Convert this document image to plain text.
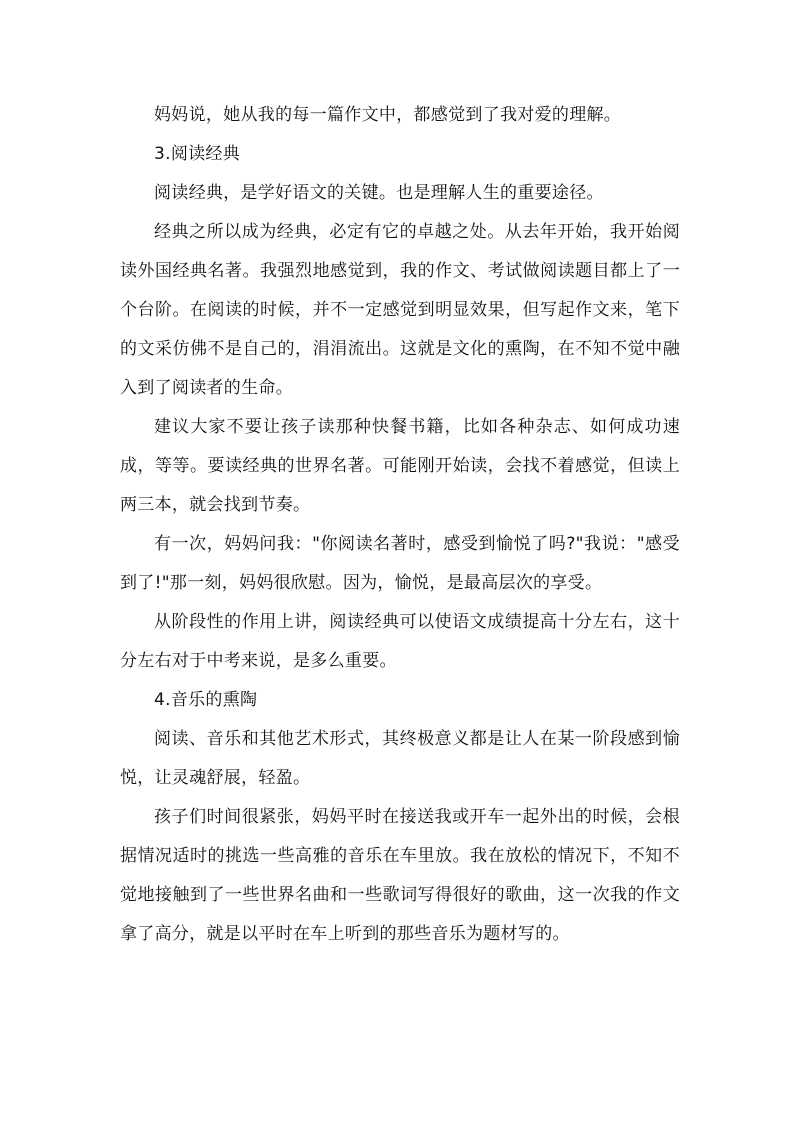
妈妈说，她从我的每一篇作文中，都感觉到了我对爱的理解。

3.阅读经典

阅读经典，是学好语文的关键。也是理解人生的重要途径。

经典之所以成为经典，必定有它的卓越之处。从去年开始，我开始阅读外国经典名著。我强烈地感觉到，我的作文、考试做阅读题目都上了一个台阶。在阅读的时候，并不一定感觉到明显效果，但写起作文来，笔下的文采仿佛不是自己的，涓涓流出。这就是文化的熏陶，在不知不觉中融入到了阅读者的生命。

建议大家不要让孩子读那种快餐书籍，比如各种杂志、如何成功速成，等等。要读经典的世界名著。可能刚开始读，会找不着感觉，但读上两三本，就会找到节奏。

有一次，妈妈问我："你阅读名著时，感受到愉悦了吗?"我说："感受到了!"那一刻，妈妈很欣慰。因为，愉悦，是最高层次的享受。

从阶段性的作用上讲，阅读经典可以使语文成绩提高十分左右，这十分左右对于中考来说，是多么重要。

4.音乐的熏陶

阅读、音乐和其他艺术形式，其终极意义都是让人在某一阶段感到愉悦，让灵魂舒展，轻盈。

孩子们时间很紧张，妈妈平时在接送我或开车一起外出的时候，会根据情况适时的挑选一些高雅的音乐在车里放。我在放松的情况下，不知不觉地接触到了一些世界名曲和一些歌词写得很好的歌曲，这一次我的作文拿了高分，就是以平时在车上听到的那些音乐为题材写的。
